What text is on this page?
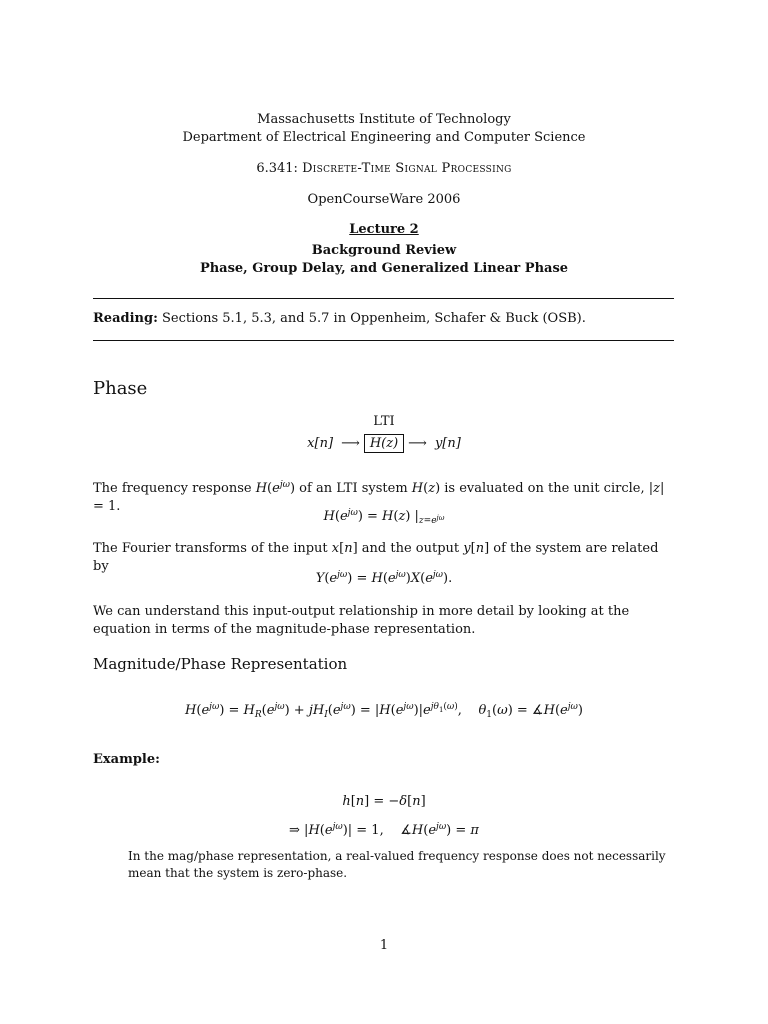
Massachusetts Institute of Technology
Department of Electrical Engineering and Computer Science
6.341: Discrete-Time Signal Processing
OpenCourseWare 2006
Lecture 2
Background Review
Phase, Group Delay, and Generalized Linear Phase
Reading: Sections 5.1, 5.3, and 5.7 in Oppenheim, Schafer & Buck (OSB).
Phase
LTI
x[n] ⟶ H(z) ⟶ y[n]
The frequency response $H(e^{j\omega})$ of an LTI system H(z) is evaluated on the unit circle, |z| = 1.
$H(e^{j\omega}) = H(z)$ $|_{z=e^{j\omega}}$
The Fourier transforms of the input x[n] and the output y[n] of the system are related by
$Y(e^{j\omega}) = H(e^{j\omega})X(e^{j\omega})$.
We can understand this input-output relationship in more detail by looking at the equation in terms of the magnitude-phase representation.
Magnitude/Phase Representation
$H(e^{j\omega}) = H_R(e^{j\omega}) + jH_I(e^{j\omega}) = |H(e^{j\omega})|e^{j\theta_1(\omega)}$,    $\theta_1(\omega)$ = $∡H(e^{j\omega})$
Example:
h[n] = −δ[n]
⇒ $|H(e^{j\omega})| = 1$,    $∡H(e^{j\omega}) = \pi$
In the mag/phase representation, a real-valued frequency response does not necessarily mean that the system is zero-phase.
1
